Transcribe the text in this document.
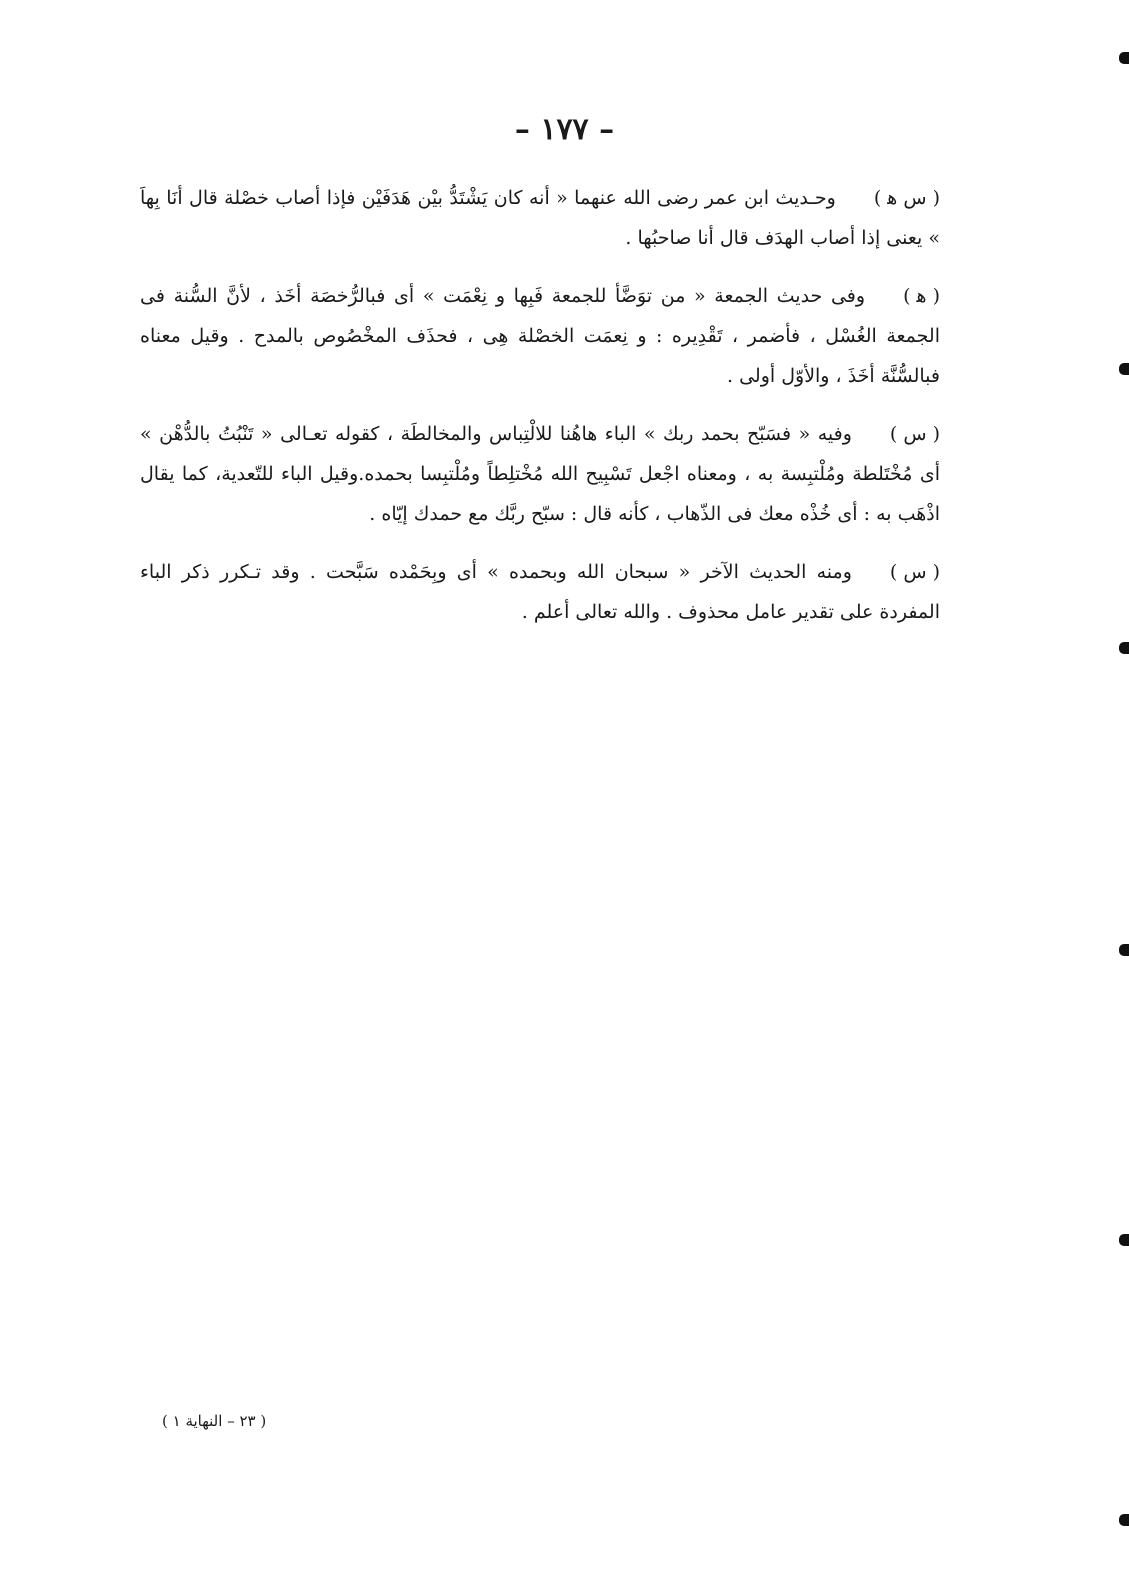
– ١٧٧ –

( س ﻫ )وحـديث ابن عمر رضى الله عنهما « أنه كان يَشْتَدُّ بيْن هَدَفَيْن فإذا أصاب خصْلة قال أنَا بِهاَ » يعنى إذا أصاب الهدَف قال أنا صاحبُها .

( ﻫ )وفى حديث الجمعة « من توَضَّأ للجمعة فَبِها و نِعْمَت » أى فبالرُّخصَة أخَذ ، لأنَّ السُّنة فى الجمعة الغُسْل ، فأضمر ، تَقْدِيره : و نِعمَت الخصْلة هِى ، فحذَف المخْصُوص بالمدح . وقيل معناه فبالسُّنَّة أخَذَ ، والأوّل أولى .

( س )وفيه « فسَبّح بحمد ربك » الباء هاهُنا للالْتِباس والمخالطَة ، كقوله تعـالى « تَنْبُتُ بالدُّهْن » أى مُخْتَلطة ومُلْتبِسة به ، ومعناه اجْعل تَسْبِيح الله مُخْتلِطاً ومُلْتبِسا بحمده.وقيل الباء للتّعدية، كما يقال اذْهَب به : أى خُذْه معك فى الذّهاب ، كأنه قال : سبّح ربَّك مع حمدك إيّاه .

( س )ومنه الحديث الآخر « سبحان الله وبحمده » أى وبِحَمْده سَبَّحت . وقد تـكرر ذكر الباء المفردة على تقدير عامل محذوف . والله تعالى أعلم .

( ٢٣ – النهاية ١ )
